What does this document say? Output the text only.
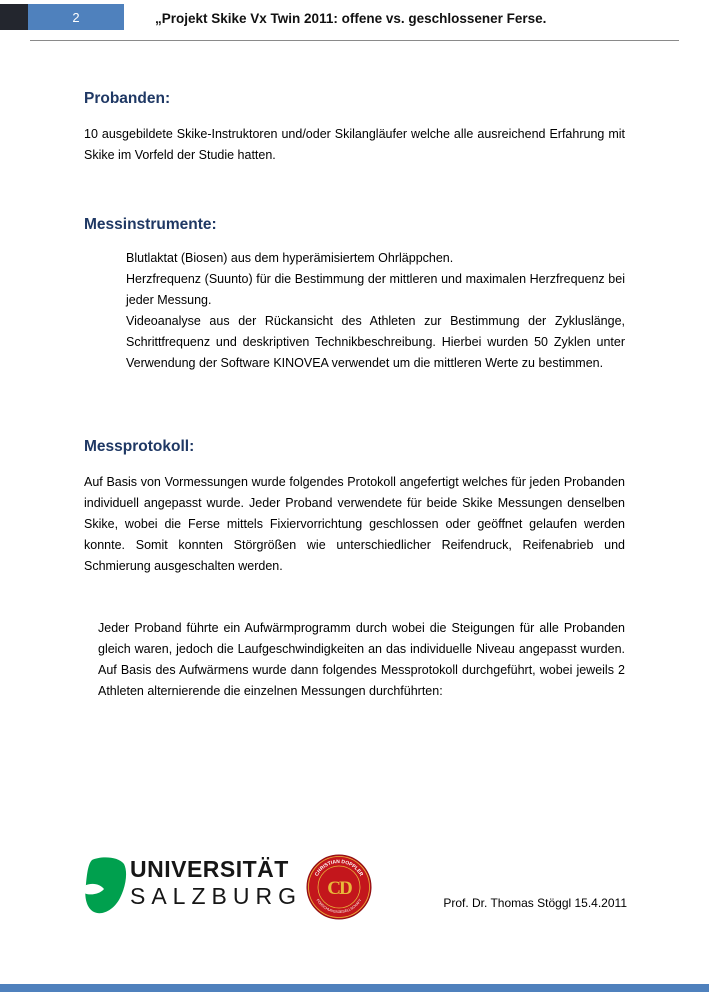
2	„Projekt Skike Vx Twin 2011: offene vs. geschlossener Ferse.
Probanden:

10 ausgebildete Skike-Instruktoren und/oder Skilangläufer welche alle ausreichend Erfahrung mit Skike im Vorfeld der Studie hatten.

Messinstrumente:

Blutlaktat (Biosen) aus dem hyperämisiertem Ohrläppchen.

Herzfrequenz (Suunto) für die Bestimmung der mittleren und maximalen Herzfrequenz bei jeder Messung.

Videoanalyse aus der Rückansicht des Athleten zur Bestimmung der Zykluslänge, Schrittfrequenz und deskriptiven Technikbeschreibung. Hierbei wurden 50 Zyklen unter Verwendung der Software KINOVEA verwendet um die mittleren Werte zu bestimmen.

Messprotokoll:

Auf Basis von Vormessungen wurde folgendes Protokoll angefertigt welches für jeden Probanden individuell angepasst wurde. Jeder Proband verwendete für beide Skike Messungen denselben Skike, wobei die Ferse mittels Fixiervorrichtung geschlossen oder geöffnet gelaufen werden konnte. Somit konnten Störgrößen wie unterschiedlicher Reifendruck, Reifenabrieb und Schmierung ausgeschalten werden.

Jeder Proband führte ein Aufwärmprogramm durch wobei die Steigungen für alle Probanden gleich waren, jedoch die Laufgeschwindigkeiten an das individuelle Niveau angepasst wurden. Auf Basis des Aufwärmens wurde dann folgendes Messprotokoll durchgeführt, wobei jeweils 2 Athleten alternierende die einzelnen Messungen durchführten:

UNIVERSITÄT
SALZBURG
CHRISTIAN DOPPLER
FORSCHUNGSGESELLSCHAFT
CD
Prof. Dr. Thomas Stöggl 15.4.2011
